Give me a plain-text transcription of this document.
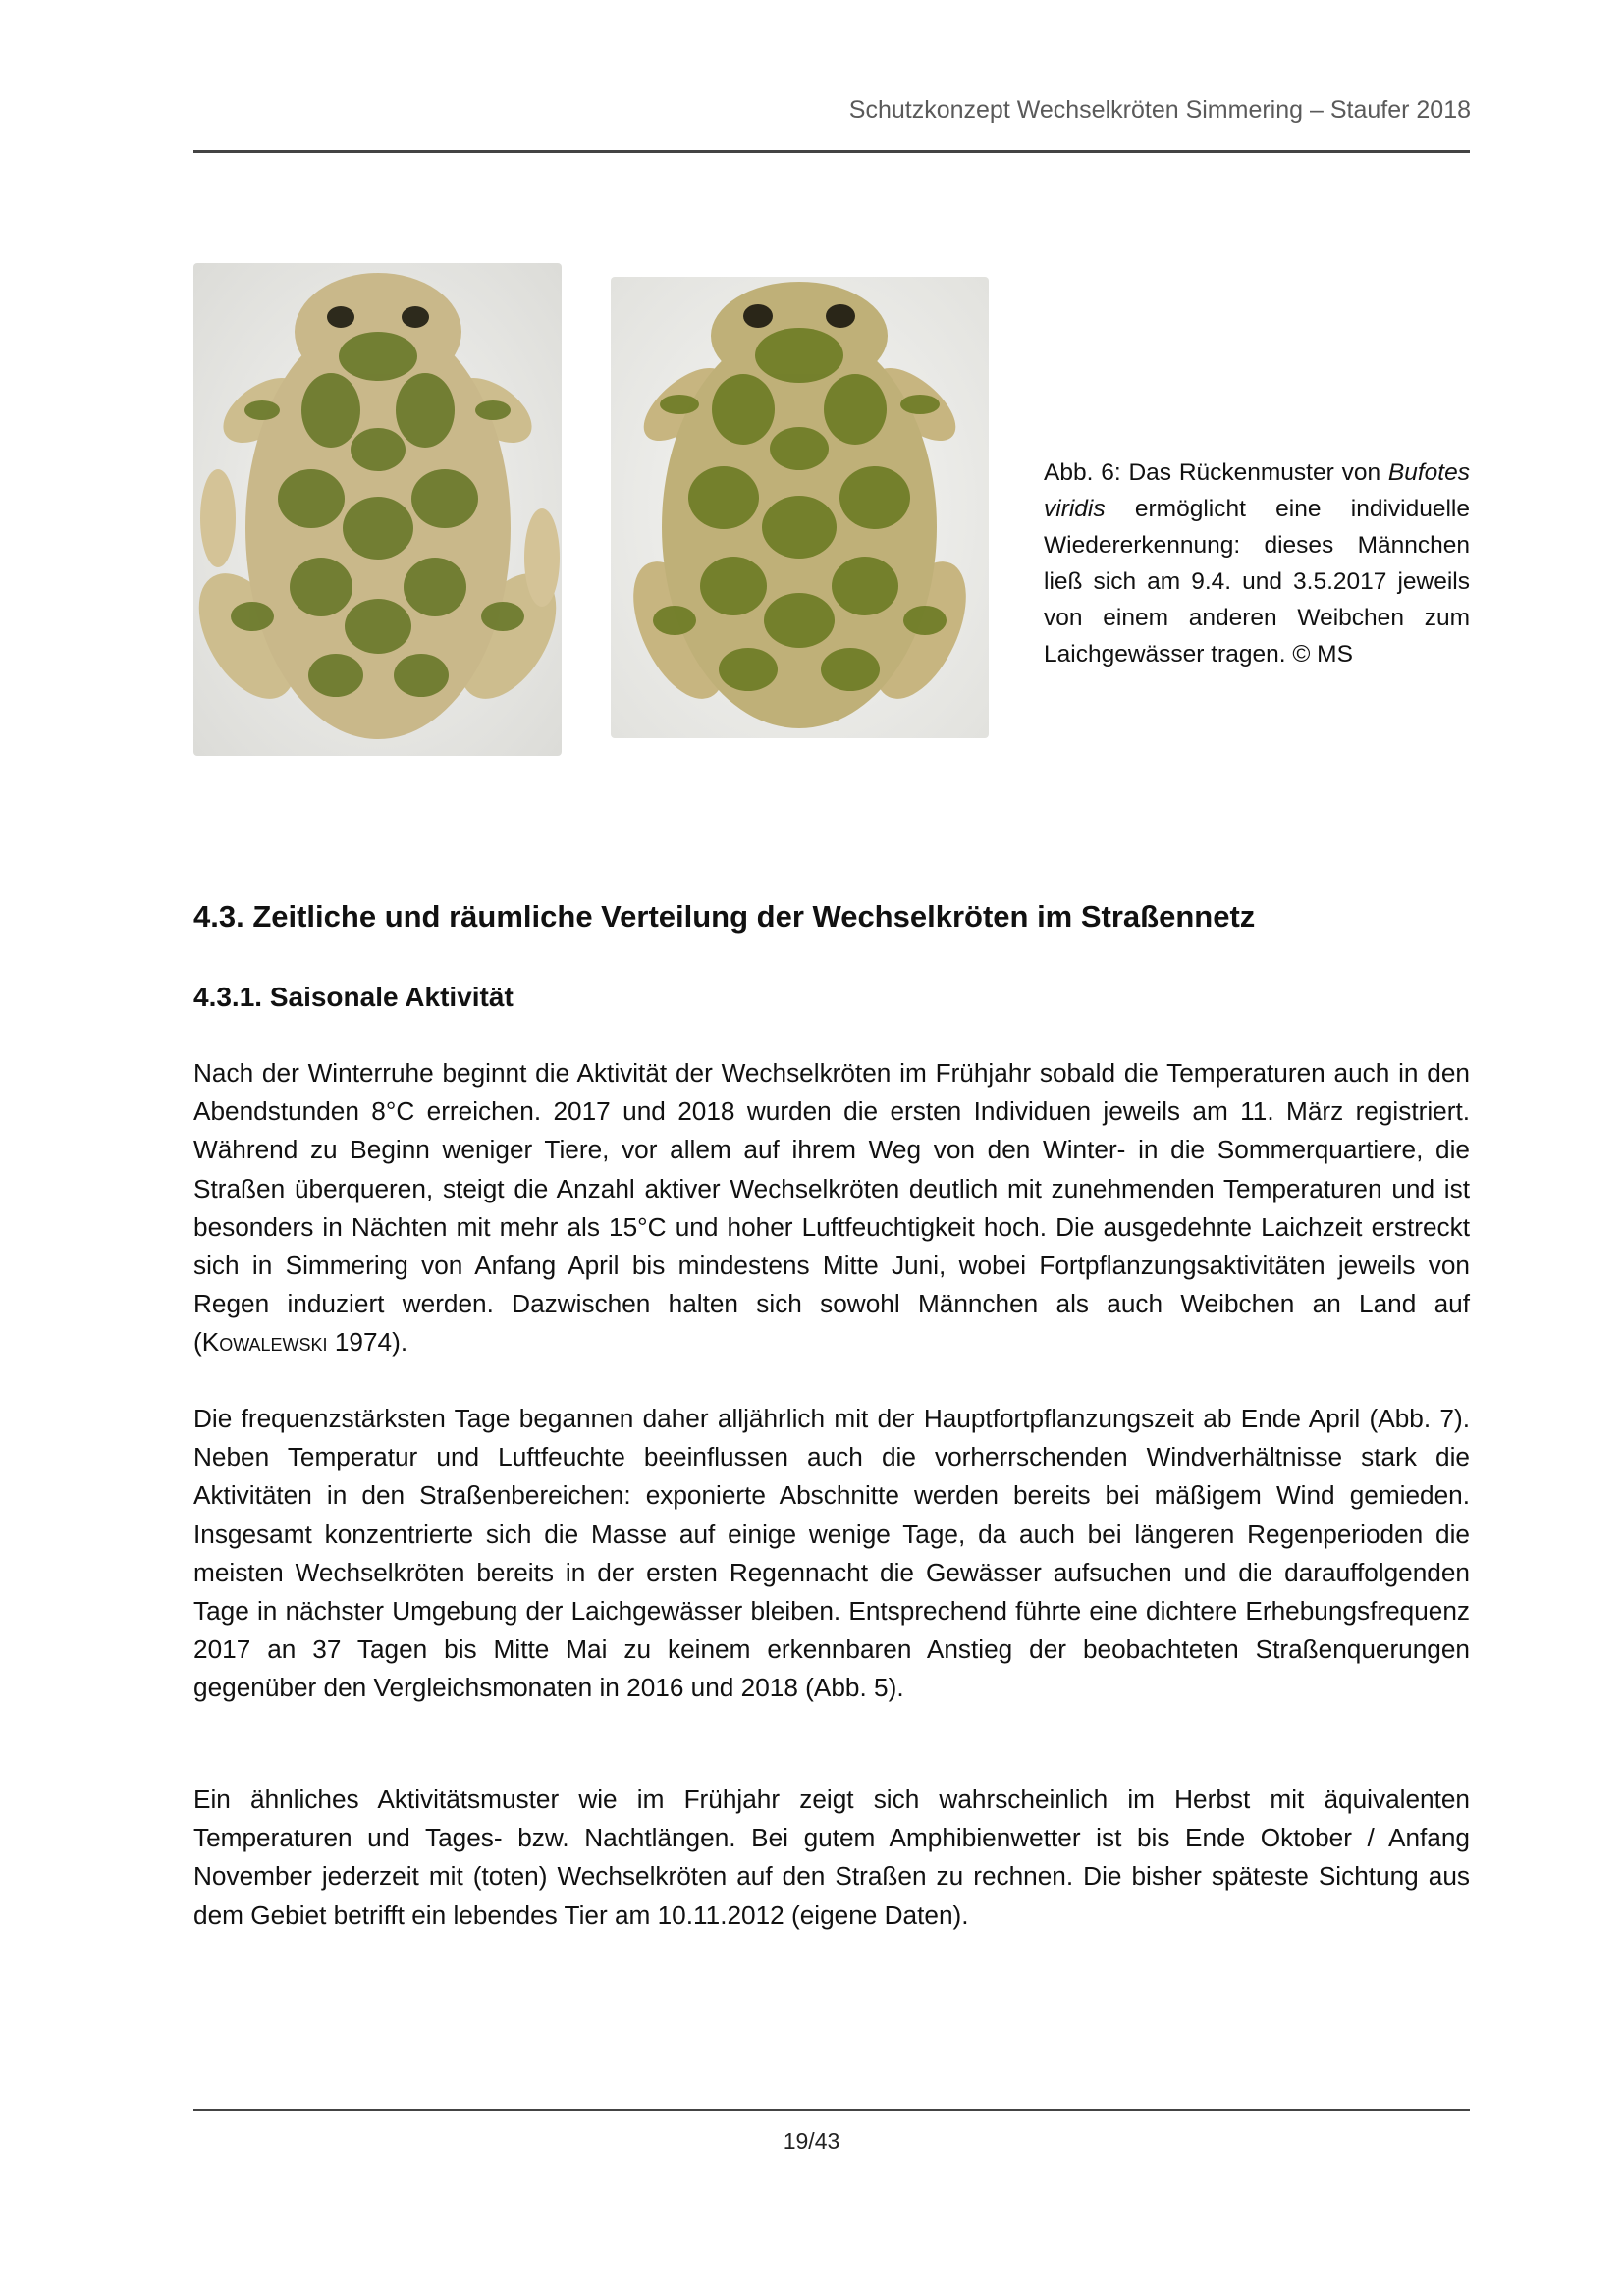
Schutzkonzept Wechselkröten Simmering – Staufer 2018

Abb. 6: Das Rückenmuster von Bufotes viridis ermöglicht eine individuelle Wiedererkennung: dieses Männchen ließ sich am 9.4. und 3.5.2017 jeweils von einem anderen Weibchen zum Laichgewässer tragen. © MS

4.3. Zeitliche und räumliche Verteilung der Wechselkröten im Straßennetz
4.3.1. Saisonale Aktivität

Nach der Winterruhe beginnt die Aktivität der Wechselkröten im Frühjahr sobald die Temperaturen auch in den Abendstunden 8°C erreichen. 2017 und 2018 wurden die ersten Individuen jeweils am 11. März registriert. Während zu Beginn weniger Tiere, vor allem auf ihrem Weg von den Winter- in die Sommerquartiere, die Straßen überqueren, steigt die Anzahl aktiver Wechselkröten deutlich mit zunehmenden Temperaturen und ist besonders in Nächten mit mehr als 15°C und hoher Luftfeuchtigkeit hoch. Die ausgedehnte Laichzeit erstreckt sich in Simmering von Anfang April bis mindestens Mitte Juni, wobei Fortpflanzungsaktivitäten jeweils von Regen induziert werden. Dazwischen halten sich sowohl Männchen als auch Weibchen an Land auf (Kowalewski 1974).

Die frequenzstärksten Tage begannen daher alljährlich mit der Hauptfortpflanzungszeit ab Ende April (Abb. 7). Neben Temperatur und Luftfeuchte beeinflussen auch die vorherrschenden Windverhältnisse stark die Aktivitäten in den Straßenbereichen: exponierte Abschnitte werden bereits bei mäßigem Wind gemieden. Insgesamt konzentrierte sich die Masse auf einige wenige Tage, da auch bei längeren Regenperioden die meisten Wechselkröten bereits in der ersten Regennacht die Gewässer aufsuchen und die darauffolgenden Tage in nächster Umgebung der Laichgewässer bleiben. Entsprechend führte eine dichtere Erhebungsfrequenz 2017 an 37 Tagen bis Mitte Mai zu keinem erkennbaren Anstieg der beobachteten Straßenquerungen gegenüber den Vergleichsmonaten in 2016 und 2018 (Abb. 5).

Ein ähnliches Aktivitätsmuster wie im Frühjahr zeigt sich wahrscheinlich im Herbst mit äquivalenten Temperaturen und Tages- bzw. Nachtlängen. Bei gutem Amphibienwetter ist bis Ende Oktober / Anfang November jederzeit mit (toten) Wechselkröten auf den Straßen zu rechnen. Die bisher späteste Sichtung aus dem Gebiet betrifft ein lebendes Tier am 10.11.2012 (eigene Daten).

19/43
